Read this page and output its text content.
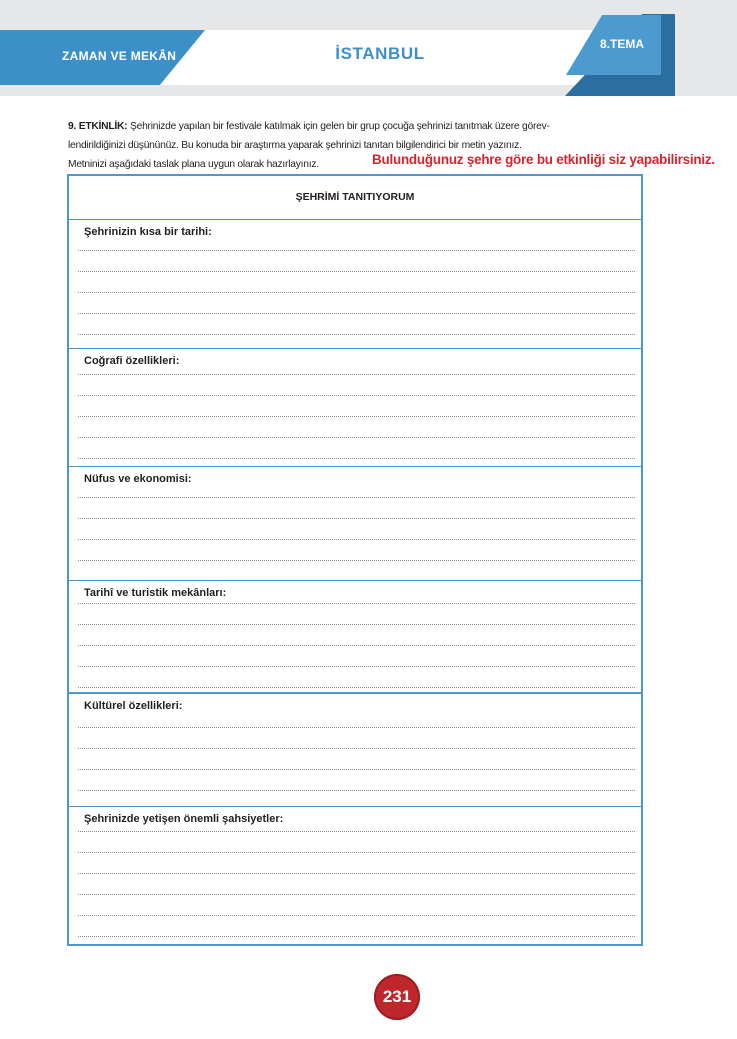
ZAMAN VE MEKÂN	İSTANBUL	8.TEMA
9. ETKİNLİK: Şehrinizde yapılan bir festivale katılmak için gelen bir grup çocuğa şehrinizi tanıtmak üzere görev-
lendirildiğinizi düşününüz. Bu konuda bir araştırma yaparak şehrinizi tanıtan bilgilendirici bir metin yazınız.
Metninizi aşağıdaki taslak plana uygun olarak hazırlayınız.	Bulunduğunuz şehre göre bu etkinliği siz yapabilirsiniz.
ŞEHRİMİ TANITIYORUM
Şehrinizin kısa bir tarihi:
Coğrafi özellikleri:
Nüfus ve ekonomisi:
Tarihî ve turistik mekânları:
Kültürel özellikleri:
Şehrinizde yetişen önemli şahsiyetler:
231
